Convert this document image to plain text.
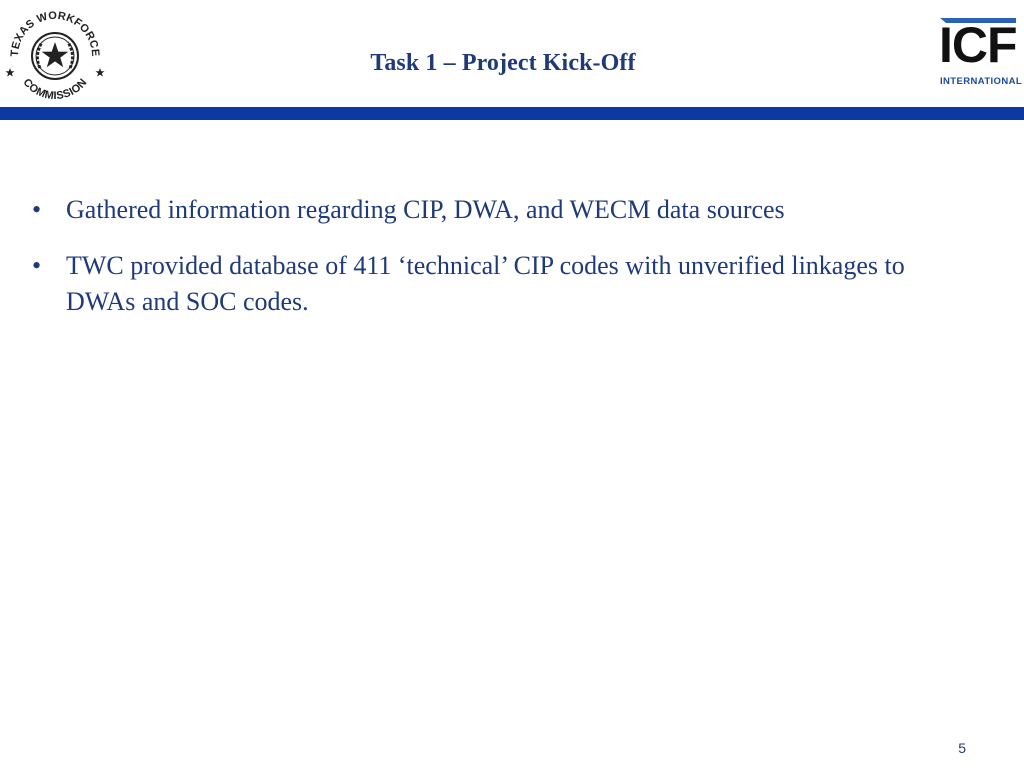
TEXAS WORKFORCE
COMMISSION
Task 1 – Project Kick-Off	ICF
INTERNATIONAL
• Gathered information regarding CIP, DWA, and WECM data sources
• TWC provided database of 411 ‘technical’ CIP codes with unverified linkages to DWAs and SOC codes.
5
